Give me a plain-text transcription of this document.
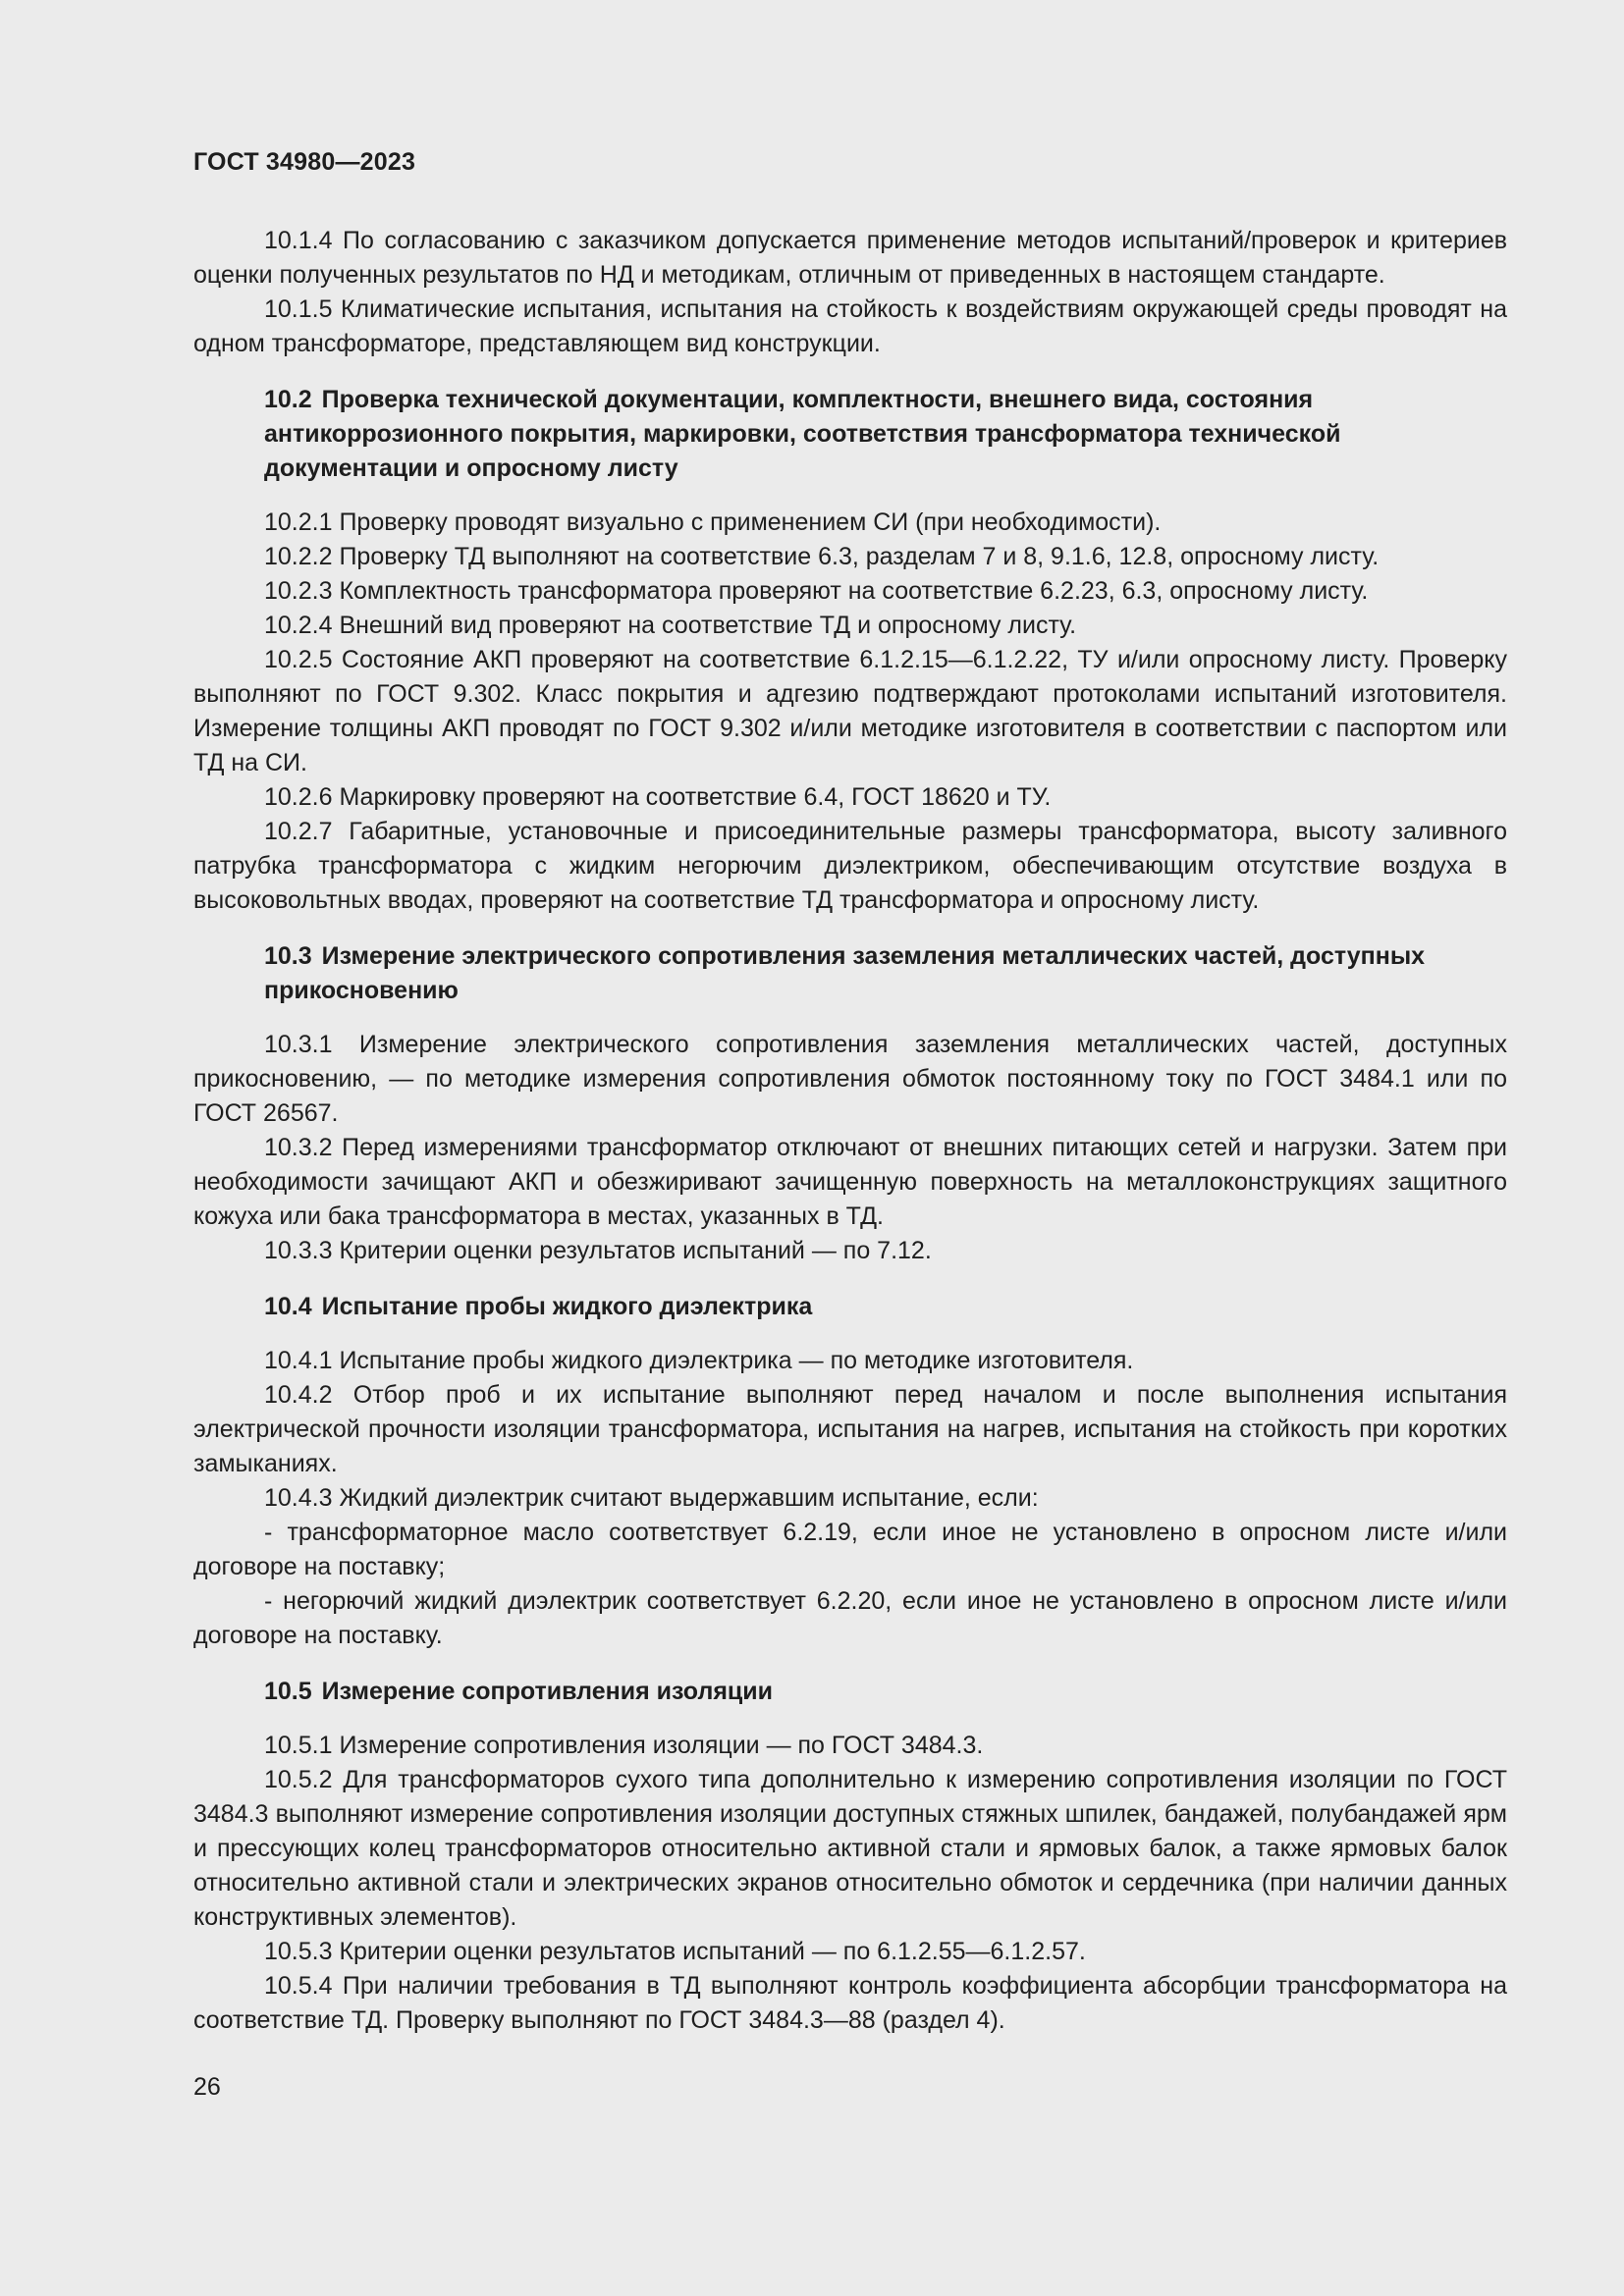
ГОСТ 34980—2023

10.1.4 По согласованию с заказчиком допускается применение методов испытаний/проверок и критериев оценки полученных результатов по НД и методикам, отличным от приведенных в настоящем стандарте.

10.1.5 Климатические испытания, испытания на стойкость к воздействиям окружающей среды проводят на одном трансформаторе, представляющем вид конструкции.

10.2 Проверка технической документации, комплектности, внешнего вида, состояния антикоррозионного покрытия, маркировки, соответствия трансформатора технической документации и опросному листу

10.2.1 Проверку проводят визуально с применением СИ (при необходимости).

10.2.2 Проверку ТД выполняют на соответствие 6.3, разделам 7 и 8, 9.1.6, 12.8, опросному листу.

10.2.3 Комплектность трансформатора проверяют на соответствие 6.2.23, 6.3, опросному листу.

10.2.4 Внешний вид проверяют на соответствие ТД и опросному листу.

10.2.5 Состояние АКП проверяют на соответствие 6.1.2.15—6.1.2.22, ТУ и/или опросному листу. Проверку выполняют по ГОСТ 9.302. Класс покрытия и адгезию подтверждают протоколами испытаний изготовителя. Измерение толщины АКП проводят по ГОСТ 9.302 и/или методике изготовителя в соответствии с паспортом или ТД на СИ.

10.2.6 Маркировку проверяют на соответствие 6.4, ГОСТ 18620 и ТУ.

10.2.7 Габаритные, установочные и присоединительные размеры трансформатора, высоту заливного патрубка трансформатора с жидким негорючим диэлектриком, обеспечивающим отсутствие воздуха в высоковольтных вводах, проверяют на соответствие ТД трансформатора и опросному листу.

10.3 Измерение электрического сопротивления заземления металлических частей, доступных прикосновению

10.3.1 Измерение электрического сопротивления заземления металлических частей, доступных прикосновению, — по методике измерения сопротивления обмоток постоянному току по ГОСТ 3484.1 или по ГОСТ 26567.

10.3.2 Перед измерениями трансформатор отключают от внешних питающих сетей и нагрузки. Затем при необходимости зачищают АКП и обезжиривают зачищенную поверхность на металлоконструкциях защитного кожуха или бака трансформатора в местах, указанных в ТД.

10.3.3 Критерии оценки результатов испытаний — по 7.12.

10.4 Испытание пробы жидкого диэлектрика

10.4.1 Испытание пробы жидкого диэлектрика — по методике изготовителя.

10.4.2 Отбор проб и их испытание выполняют перед началом и после выполнения испытания электрической прочности изоляции трансформатора, испытания на нагрев, испытания на стойкость при коротких замыканиях.

10.4.3 Жидкий диэлектрик считают выдержавшим испытание, если:

- трансформаторное масло соответствует 6.2.19, если иное не установлено в опросном листе и/или договоре на поставку;

- негорючий жидкий диэлектрик соответствует 6.2.20, если иное не установлено в опросном листе и/или договоре на поставку.

10.5 Измерение сопротивления изоляции

10.5.1 Измерение сопротивления изоляции — по ГОСТ 3484.3.

10.5.2 Для трансформаторов сухого типа дополнительно к измерению сопротивления изоляции по ГОСТ 3484.3 выполняют измерение сопротивления изоляции доступных стяжных шпилек, бандажей, полубандажей ярм и прессующих колец трансформаторов относительно активной стали и ярмовых балок, а также ярмовых балок относительно активной стали и электрических экранов относительно обмоток и сердечника (при наличии данных конструктивных элементов).

10.5.3 Критерии оценки результатов испытаний — по 6.1.2.55—6.1.2.57.

10.5.4 При наличии требования в ТД выполняют контроль коэффициента абсорбции трансформатора на соответствие ТД. Проверку выполняют по ГОСТ 3484.3—88 (раздел 4).

26
